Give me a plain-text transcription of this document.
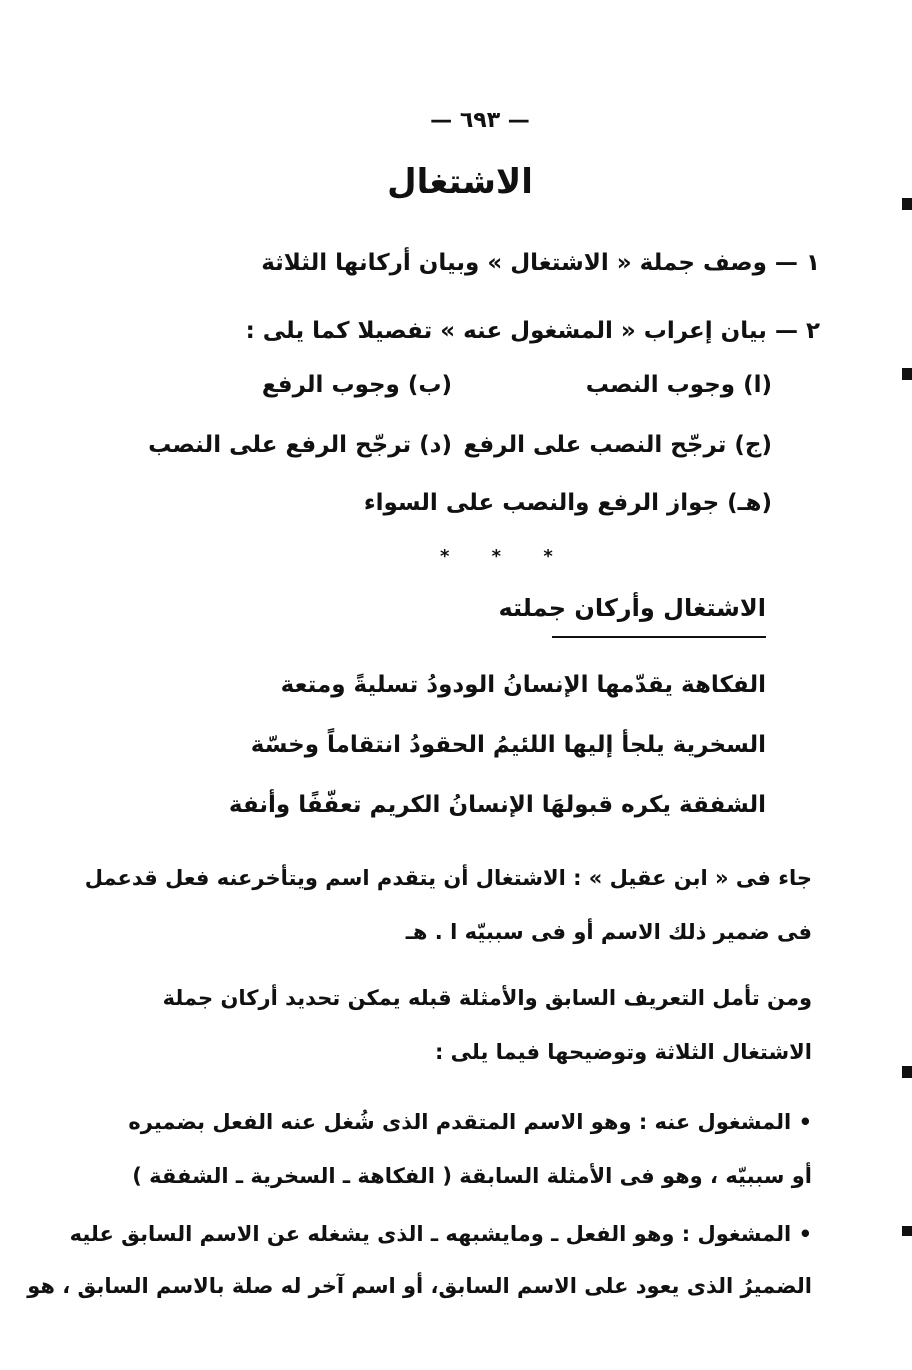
— ٦٩٣ —
الاشتغال
١ — وصف جملة « الاشتغال » وبيان أركانها الثلاثة
٢ — بيان إعراب « المشغول عنه » تفصيلا كما يلى :
(ا) وجوب النصب
(ب) وجوب الرفع
(ج) ترجّح النصب على الرفع
(د) ترجّح الرفع على النصب
(هـ) جواز الرفع والنصب على السواء
* * *
الاشتغال وأركان جملته
الفكاهة يقدّمها الإنسانُ الودودُ تسليةً ومتعة
السخرية يلجأ إليها اللئيمُ الحقودُ انتقاماً وخسّة
الشفقة يكره قبولهَا الإنسانُ الكريم تعفّفًا وأنفة
جاء فى « ابن عقيل » : الاشتغال أن يتقدم اسم ويتأخرعنه فعل قدعمل
فى ضمير ذلك الاسم أو فى سببيّه ا . هـ
ومن تأمل التعريف السابق والأمثلة قبله يمكن تحديد أركان جملة
الاشتغال الثلاثة وتوضيحها فيما يلى :
• المشغول عنه : وهو الاسم المتقدم الذى شُغل عنه الفعل بضميره
أو سببيّه ، وهو فى الأمثلة السابقة ( الفكاهة ـ السخرية ـ الشفقة )
• المشغول : وهو الفعل ـ ومايشبهه ـ الذى يشغله عن الاسم السابق عليه
الضميرُ الذى يعود على الاسم السابق، أو اسم آخر له صلة بالاسم السابق ، هو
